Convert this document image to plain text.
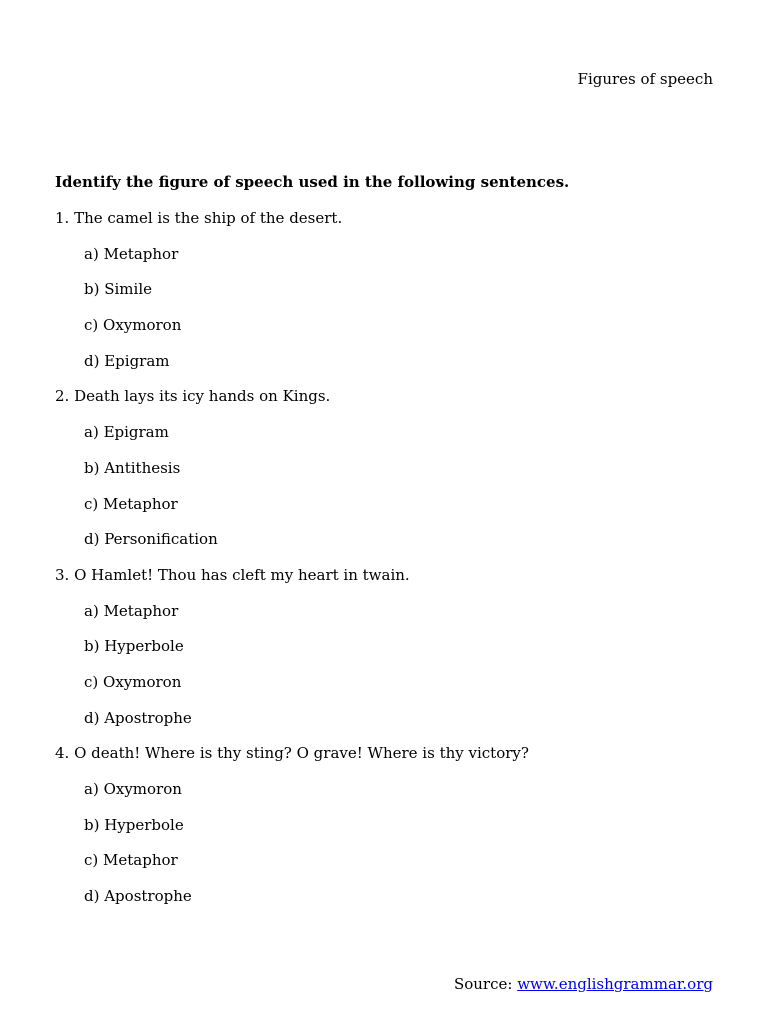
Figures of speech

Identify the figure of speech used in the following sentences.

1. The camel is the ship of the desert.
a) Metaphor
b) Simile
c) Oxymoron
d) Epigram
2. Death lays its icy hands on Kings.
a) Epigram
b) Antithesis
c) Metaphor
d) Personification
3. O Hamlet! Thou has cleft my heart in twain.
a) Metaphor
b) Hyperbole
c) Oxymoron
d) Apostrophe
4. O death! Where is thy sting? O grave! Where is thy victory?
a) Oxymoron
b) Hyperbole
c) Metaphor
d) Apostrophe

Source: www.englishgrammar.org
